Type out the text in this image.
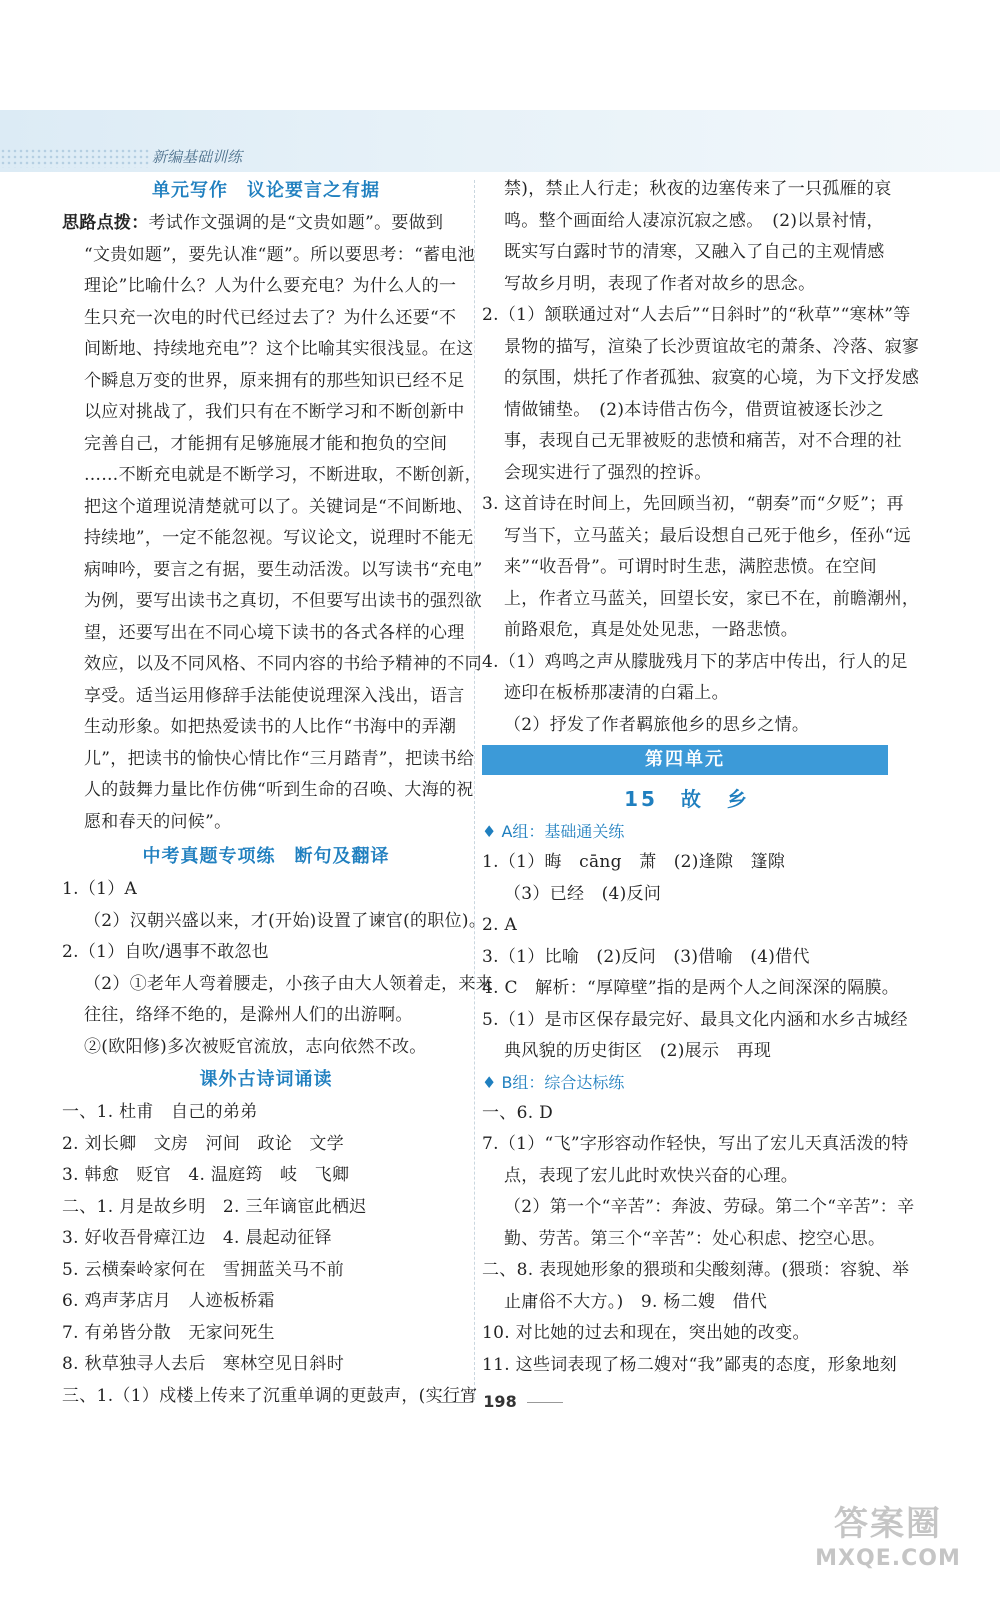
新编基础训练
单元写作　议论要言之有据
思路点拨：考试作文强调的是“文贵如题”。要做到
“文贵如题”，要先认准“题”。所以要思考：“蓄电池
理论”比喻什么？人为什么要充电？为什么人的一
生只充一次电的时代已经过去了？为什么还要“不
间断地、持续地充电”？这个比喻其实很浅显。在这
个瞬息万变的世界，原来拥有的那些知识已经不足
以应对挑战了，我们只有在不断学习和不断创新中
完善自己，才能拥有足够施展才能和抱负的空间
……不断充电就是不断学习，不断进取，不断创新，
把这个道理说清楚就可以了。关键词是“不间断地、
持续地”，一定不能忽视。写议论文，说理时不能无
病呻吟，要言之有据，要生动活泼。以写读书“充电”
为例，要写出读书之真切，不但要写出读书的强烈欲
望，还要写出在不同心境下读书的各式各样的心理
效应，以及不同风格、不同内容的书给予精神的不同
享受。适当运用修辞手法能使说理深入浅出，语言
生动形象。如把热爱读书的人比作“书海中的弄潮
儿”，把读书的愉快心情比作“三月踏青”，把读书给
人的鼓舞力量比作仿佛“听到生命的召唤、大海的祝
愿和春天的问候”。
中考真题专项练　断句及翻译
1.（1）A
（2）汉朝兴盛以来，才(开始)设置了谏官(的职位)。
2.（1）自吹/遇事不敢忽也
（2）①老年人弯着腰走，小孩子由大人领着走，来来
往往，络绎不绝的，是滁州人们的出游啊。
②(欧阳修)多次被贬官流放，志向依然不改。
课外古诗词诵读
一、1. 杜甫　自己的弟弟
2. 刘长卿　文房　河间　政论　文学
3. 韩愈　贬官　4. 温庭筠　岐　飞卿
二、1. 月是故乡明　2. 三年谪宦此栖迟
3. 好收吾骨瘴江边　4. 晨起动征铎
5. 云横秦岭家何在　雪拥蓝关马不前
6. 鸡声茅店月　人迹板桥霜
7. 有弟皆分散　无家问死生
8. 秋草独寻人去后　寒林空见日斜时
三、1.（1）戍楼上传来了沉重单调的更鼓声，(实行宵
禁)，禁止人行走；秋夜的边塞传来了一只孤雁的哀
鸣。整个画面给人凄凉沉寂之感。　(2)以景衬情，
既实写白露时节的清寒，又融入了自己的主观情感
写故乡月明，表现了作者对故乡的思念。
2.（1）颔联通过对“人去后”“日斜时”的“秋草”“寒林”等
景物的描写，渲染了长沙贾谊故宅的萧条、冷落、寂寥
的氛围，烘托了作者孤独、寂寞的心境，为下文抒发感
情做铺垫。　(2)本诗借古伤今，借贾谊被逐长沙之
事，表现自己无罪被贬的悲愤和痛苦，对不合理的社
会现实进行了强烈的控诉。
3. 这首诗在时间上，先回顾当初，“朝奏”而“夕贬”；再
写当下，立马蓝关；最后设想自己死于他乡，侄孙“远
来”“收吾骨”。可谓时时生悲，满腔悲愤。在空间
上，作者立马蓝关，回望长安，家已不在，前瞻潮州，
前路艰危，真是处处见悲，一路悲愤。
4.（1）鸡鸣之声从朦胧残月下的茅店中传出，行人的足
迹印在板桥那凄清的白霜上。
（2）抒发了作者羁旅他乡的思乡之情。
第四单元
15　故　乡
♦ A组：基础通关练
1.（1）晦　cāng　萧　(2)逢隙　篷隙
（3）已经　(4)反问
2. A
3.（1）比喻　(2)反问　(3)借喻　(4)借代
4. C　解析：“厚障壁”指的是两个人之间深深的隔膜。
5.（1）是市区保存最完好、最具文化内涵和水乡古城经
典风貌的历史街区　(2)展示　再现
♦ B组：综合达标练
一、6. D
7.（1）“飞”字形容动作轻快，写出了宏儿天真活泼的特
点，表现了宏儿此时欢快兴奋的心理。
（2）第一个“辛苦”：奔波、劳碌。第二个“辛苦”：辛
勤、劳苦。第三个“辛苦”：处心积虑、挖空心思。
二、8. 表现她形象的猥琐和尖酸刻薄。(猥琐：容貌、举
止庸俗不大方。)　9. 杨二嫂　借代
10. 对比她的过去和现在，突出她的改变。
11. 这些词表现了杨二嫂对“我”鄙夷的态度，形象地刻
198
答案圈
MXQE.COM
